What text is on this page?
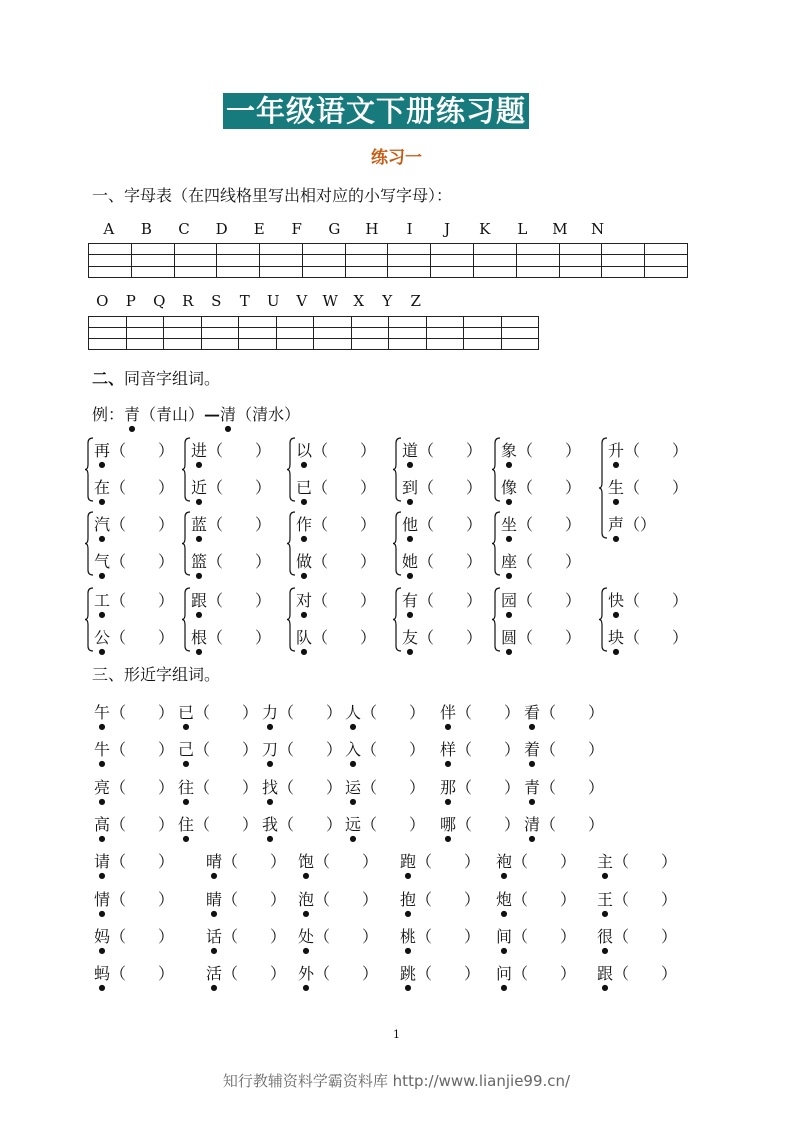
一年级语文下册练习题
练习一
一、字母表（在四线格里写出相对应的小写字母）：
A	B	C	D	E	F	G	H	I	J	K	L	M	N

O	P	Q	R	S	T	U	V	W	X	Y	Z

二、同音字组词。
例：青（青山）—清（清水）
再（　　）
在（　　）
进（　　）
近（　　）
以（　　）
已（　　）
道（　　）
到（　　）
象（　　）
像（　　）
升（　　）
生（　　）
声（）
汽（　　）
气（　　）
蓝（　　）
篮（　　）
作（　　）
做（　　）
他（　　）
她（　　）
坐（　　）
座（　　）
工（　　）
公（　　）
跟（　　）
根（　　）
对（　　）
队（　　）
有（　　）
友（　　）
园（　　）
圆（　　）
快（　　）
块（　　）
三、形近字组词。
午（　　） 已（　　） 力（　　） 人（　　） 伴（　　） 看（　　）
牛（　　） 己（　　） 刀（　　） 入（　　） 样（　　） 着（　　）
亮（　　） 往（　　） 找（　　） 运（　　） 那（　　） 青（　　）
高（　　） 住（　　） 我（　　） 远（　　） 哪（　　） 清（　　）
请（　　） 晴（　　） 饱（　　） 跑（　　） 袍（　　） 主（　　）
情（　　） 睛（　　） 泡（　　） 抱（　　） 炮（　　） 王（　　）
妈（　　） 话（　　） 处（　　） 桃（　　） 间（　　） 很（　　）
蚂（　　） 活（　　） 外（　　） 跳（　　） 问（　　） 跟（　　）
1
知行教辅资料学霸资料库 http://www.lianjie99.cn/
